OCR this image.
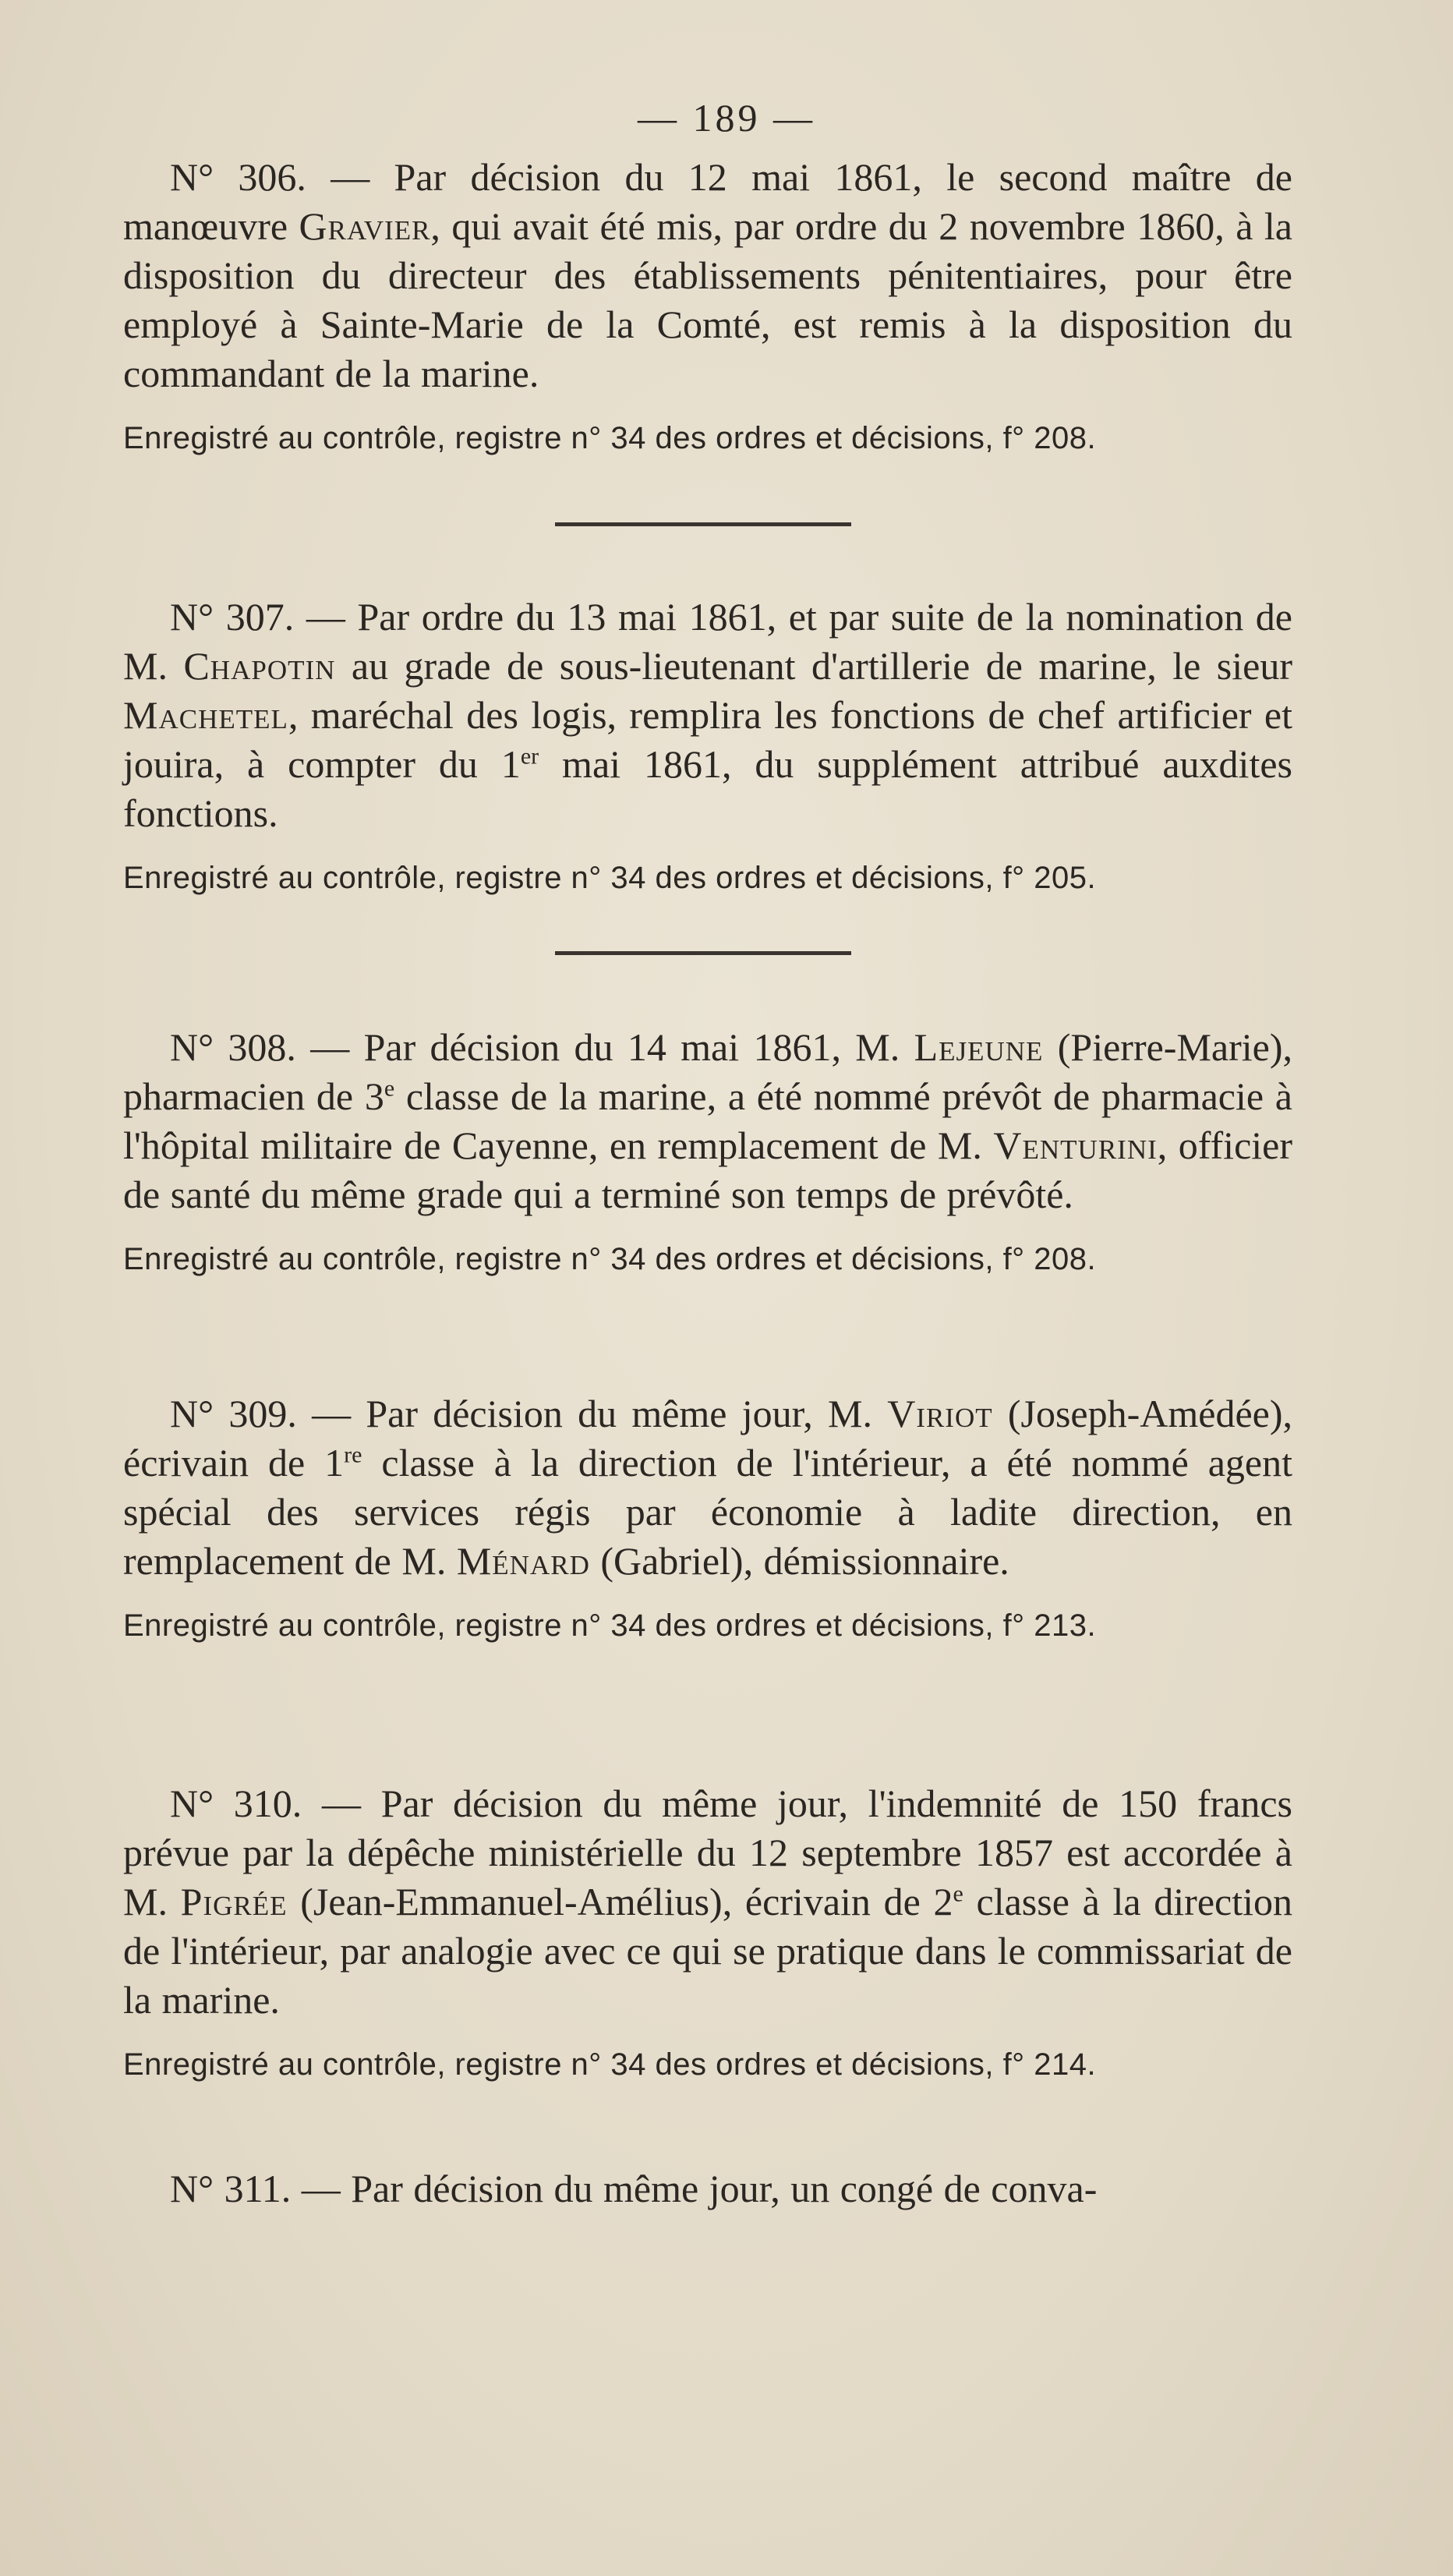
— 189 —

N° 306. — Par décision du 12 mai 1861, le second maître de manœuvre Gravier, qui avait été mis, par ordre du 2 novembre 1860, à la disposition du directeur des établissements pénitentiaires, pour être employé à Sainte-Marie de la Comté, est remis à la disposition du commandant de la marine.

Enregistré au contrôle, registre n° 34 des ordres et décisions, f° 208.

N° 307. — Par ordre du 13 mai 1861, et par suite de la nomination de M. Chapotin au grade de sous-lieutenant d'artillerie de marine, le sieur Machetel, maréchal des logis, remplira les fonctions de chef artificier et jouira, à compter du 1er mai 1861, du supplément attribué auxdites fonctions.

Enregistré au contrôle, registre n° 34 des ordres et décisions, f° 205.

N° 308. — Par décision du 14 mai 1861, M. Lejeune (Pierre-Marie), pharmacien de 3e classe de la marine, a été nommé prévôt de pharmacie à l'hôpital militaire de Cayenne, en remplacement de M. Venturini, officier de santé du même grade qui a terminé son temps de prévôté.

Enregistré au contrôle, registre n° 34 des ordres et décisions, f° 208.

N° 309. — Par décision du même jour, M. Viriot (Joseph-Amédée), écrivain de 1re classe à la direction de l'intérieur, a été nommé agent spécial des services régis par économie à ladite direction, en remplacement de M. Ménard (Gabriel), démissionnaire.

Enregistré au contrôle, registre n° 34 des ordres et décisions, f° 213.

N° 310. — Par décision du même jour, l'indemnité de 150 francs prévue par la dépêche ministérielle du 12 septembre 1857 est accordée à M. Pigrée (Jean-Emmanuel-Amélius), écrivain de 2e classe à la direction de l'intérieur, par analogie avec ce qui se pratique dans le commissariat de la marine.

Enregistré au contrôle, registre n° 34 des ordres et décisions, f° 214.

N° 311. — Par décision du même jour, un congé de conva-
